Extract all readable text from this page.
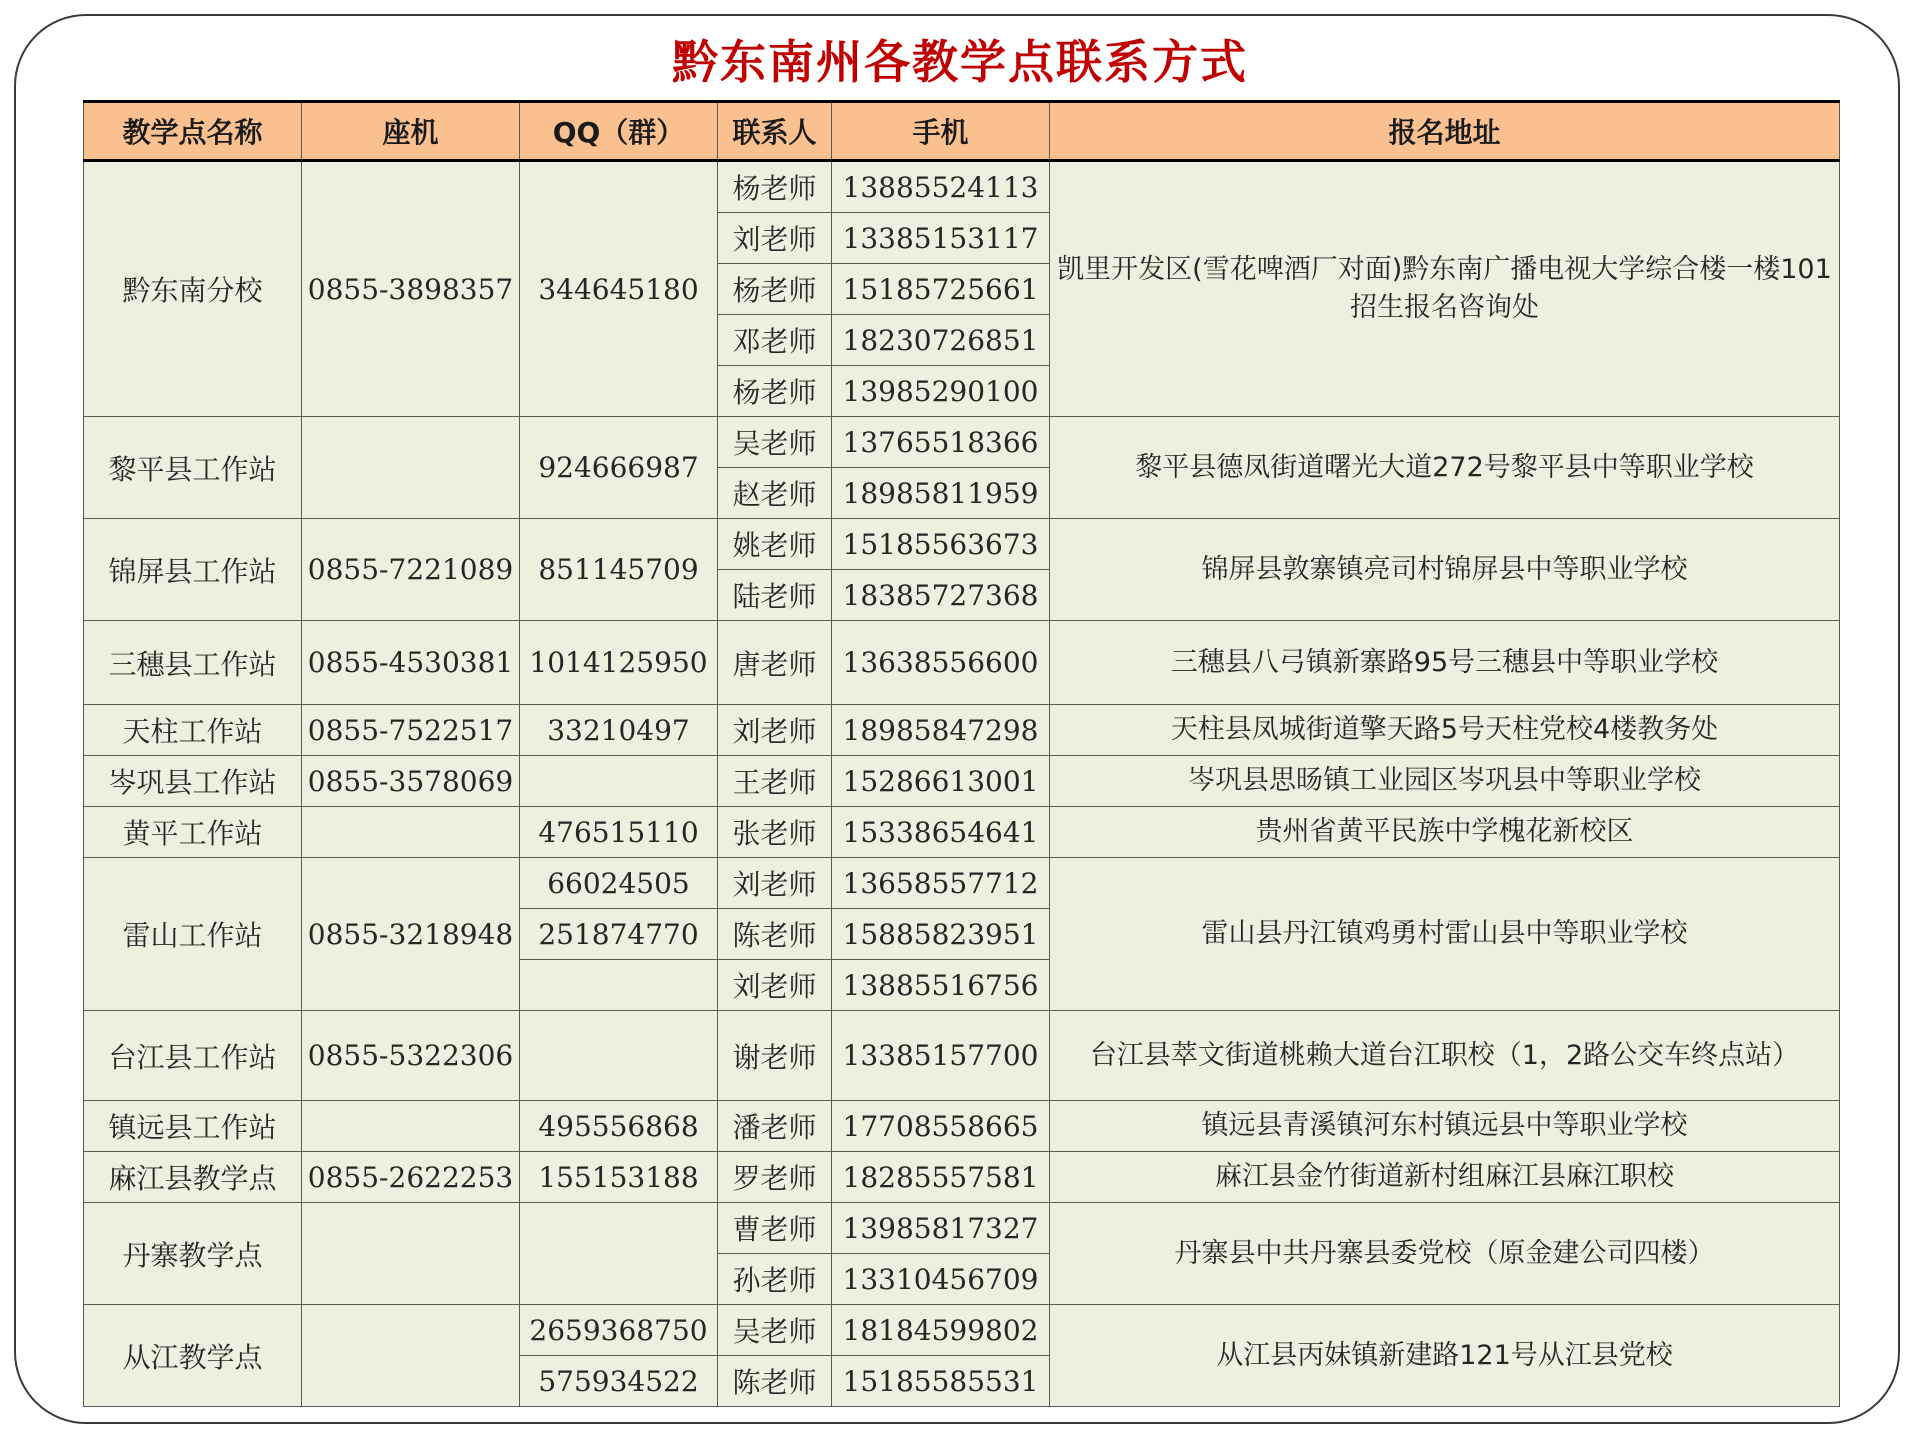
黔东南州各教学点联系方式
教学点名称	座机	QQ（群）	联系人	手机	报名地址
黔东南分校	0855-3898357	344645180	杨老师	13885524113	凯里开发区(雪花啤酒厂对面)黔东南广播电视大学综合楼一楼101招生报名咨询处
			刘老师	13385153117	
			杨老师	15185725661	
			邓老师	18230726851	
			杨老师	13985290100	
黎平县工作站		924666987	吴老师	13765518366	黎平县德凤街道曙光大道272号黎平县中等职业学校
			赵老师	18985811959	
锦屏县工作站	0855-7221089	851145709	姚老师	15185563673	锦屏县敦寨镇亮司村锦屏县中等职业学校
			陆老师	18385727368	
三穗县工作站	0855-4530381	1014125950	唐老师	13638556600	三穗县八弓镇新寨路95号三穗县中等职业学校
天柱工作站	0855-7522517	33210497	刘老师	18985847298	天柱县凤城街道擎天路5号天柱党校4楼教务处
岑巩县工作站	0855-3578069		王老师	15286613001	岑巩县思旸镇工业园区岑巩县中等职业学校
黄平工作站		476515110	张老师	15338654641	贵州省黄平民族中学槐花新校区
雷山工作站	0855-3218948	66024505	刘老师	13658557712	雷山县丹江镇鸡勇村雷山县中等职业学校
		251874770	陈老师	15885823951	
			刘老师	13885516756	
台江县工作站	0855-5322306		谢老师	13385157700	台江县萃文街道桃赖大道台江职校（1，2路公交车终点站）
镇远县工作站		495556868	潘老师	17708558665	镇远县青溪镇河东村镇远县中等职业学校
麻江县教学点	0855-2622253	155153188	罗老师	18285557581	麻江县金竹街道新村组麻江县麻江职校
丹寨教学点			曹老师	13985817327	丹寨县中共丹寨县委党校（原金建公司四楼）
			孙老师	13310456709	
从江教学点		2659368750	吴老师	18184599802	从江县丙妹镇新建路121号从江县党校
		575934522	陈老师	15185585531	
